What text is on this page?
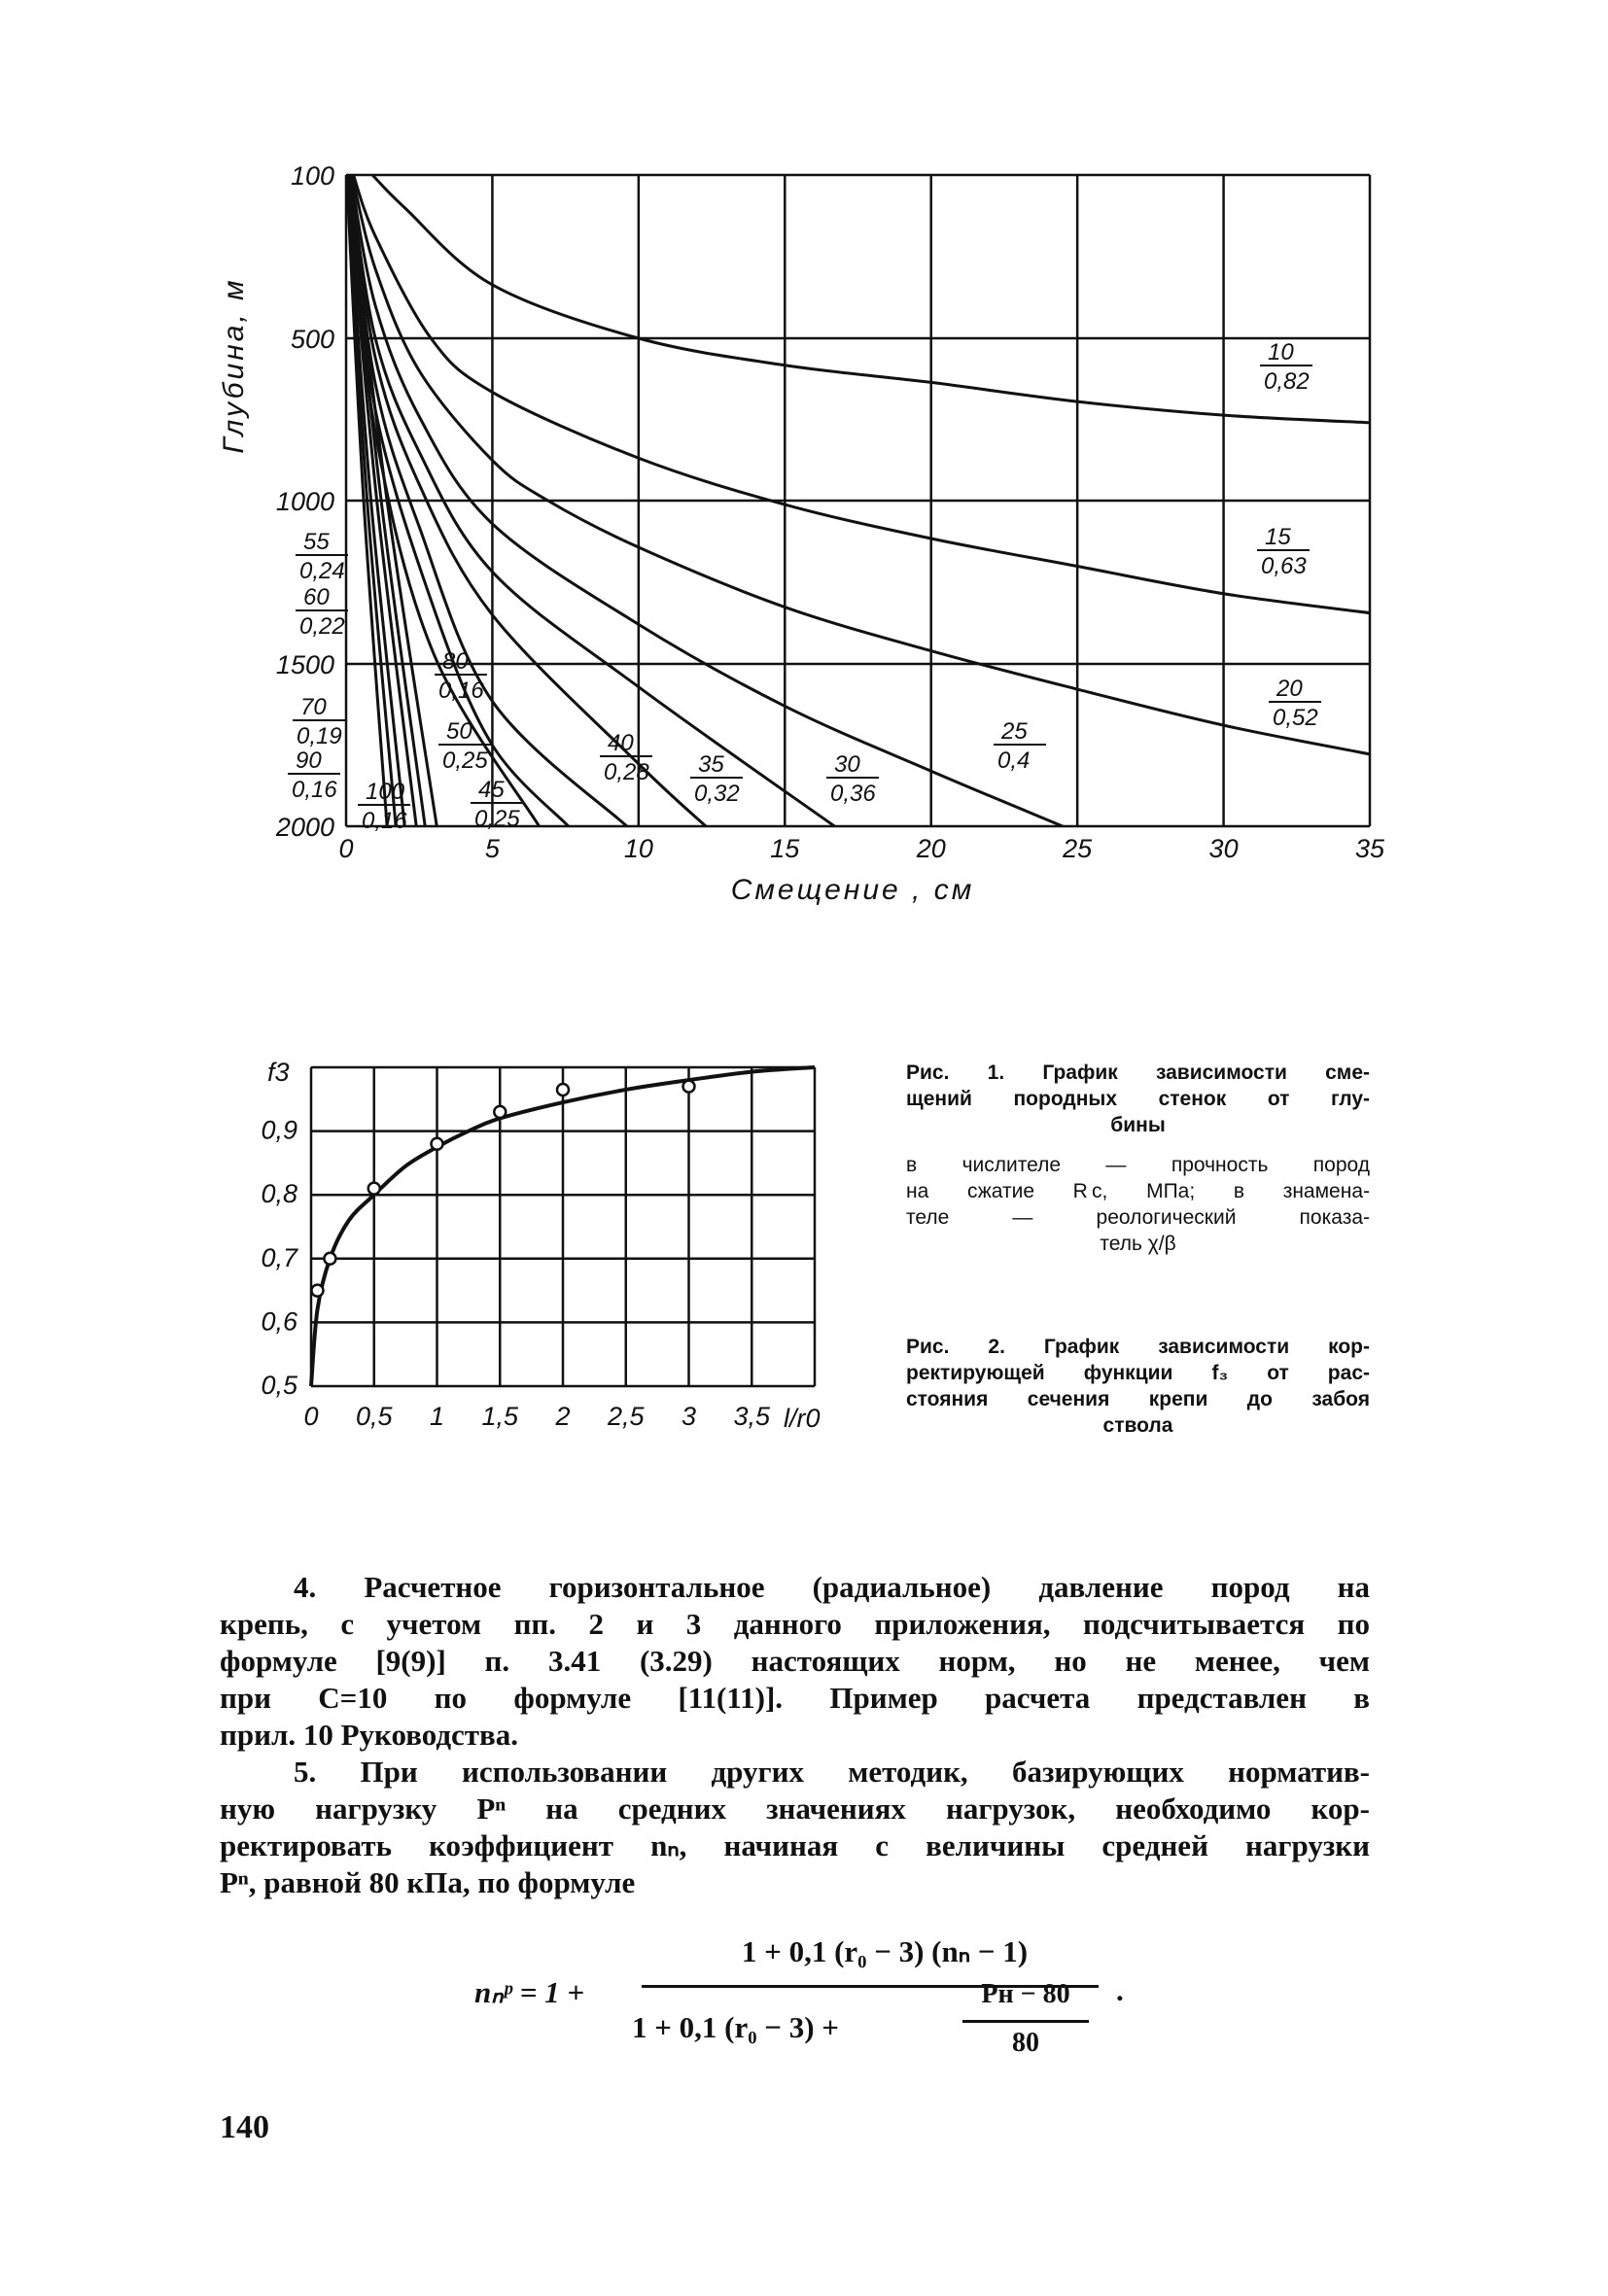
0	5	10	15	20	25	30	35
100
500
1000
1500
2000
10
0,82
15
0,63
20
0,52
25
0,4
30
0,36
35
0,32
40
0,28
45
0,25
50
0,25
55
0,24
60
0,22
70
0,19
80
0,16
90
0,16 100
0,16
Смещение , см
Глубина, м
0 0,5 1 1,5 2 2,5 3 3,5
0,5
0,6
0,7
0,8
0,9
f3
l/r0
Рис. 1. График зависимости сме-
щений породных стенок от глу-
бины
в числителе — прочность пород
на сжатие R с, МПа; в знамена-
теле — реологический показа-
тель χ/β
Рис. 2. График зависимости кор-
ректирующей функции f₃ от рас-
стояния сечения крепи до забоя
ствола
4. Расчетное горизонтальное (радиальное) давление пород на
крепь, с учетом пп. 2 и 3 данного приложения, подсчитывается по
формуле [9(9)] п. 3.41 (3.29) настоящих норм, но не менее, чем
при C=10 по формуле [11(11)]. Пример расчета представлен в
прил. 10 Руководства.
5. При использовании других методик, базирующих норматив-
ную нагрузку Pⁿ на средних значениях нагрузок, необходимо кор-
ректировать коэффициент nₙ, начиная с величины средней нагрузки
Pⁿ, равной 80 кПа, по формуле
nₙᵖ = 1 +
1 + 0,1 (r₀ − 3) (nₙ − 1)
1 + 0,1 (r₀ − 3) +
Pн − 80
80
.
140
